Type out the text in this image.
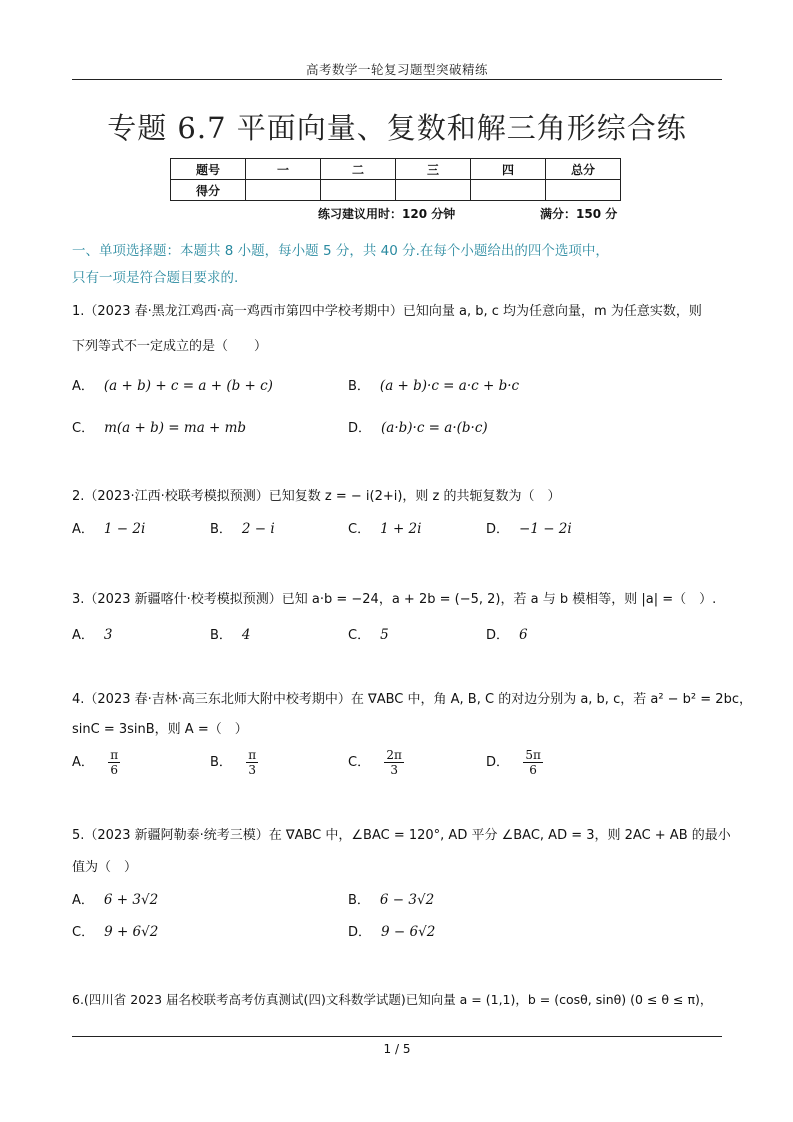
高考数学一轮复习题型突破精练
专题 6.7 平面向量、复数和解三角形综合练
题号	一	二	三	四	总分
得分					
练习建议用时：120 分钟	满分：150 分
一、单项选择题：本题共 8 小题，每小题 5 分，共 40 分.在每个小题给出的四个选项中，
只有一项是符合题目要求的.
1.（2023 春·黑龙江鸡西·高一鸡西市第四中学校考期中）已知向量 a, b, c 均为任意向量，m 为任意实数，则
下列等式不一定成立的是（　　）
A． (a + b) + c = a + (b + c)	B． (a + b)·c = a·c + b·c
C． m(a + b) = ma + mb	D． (a·b)·c = a·(b·c)
2.（2023·江西·校联考模拟预测）已知复数 z = − i(2+i)，则 z 的共轭复数为（　）
A． 1 − 2i	B． 2 − i	C． 1 + 2i	D． −1 − 2i
3.（2023 新疆喀什·校考模拟预测）已知 a·b = −24，a + 2b = (−5, 2)，若 a 与 b 模相等，则 |a| =（　）.
A． 3	B． 4	C． 5	D． 6
4.（2023 春·吉林·高三东北师大附中校考期中）在 ∇ABC 中，角 A, B, C 的对边分别为 a, b, c，若 a² − b² = 2bc，
sinC = 3sinB，则 A =（　）
A． $\frac{\pi}{6}$	B． $\frac{\pi}{3}$	C． $\frac{2\pi}{3}$	D． $\frac{5\pi}{6}$
5.（2023 新疆阿勒泰·统考三模）在 ∇ABC 中，∠BAC = 120°, AD 平分 ∠BAC, AD = 3，则 2AC + AB 的最小
值为（　）
A． 6 + 3√2	B． 6 − 3√2
C． 9 + 6√2	D． 9 − 6√2
6.(四川省 2023 届名校联考高考仿真测试(四)文科数学试题)已知向量 a = (1,1)，b = (cosθ, sinθ) (0 ≤ θ ≤ π)，
1 / 5
